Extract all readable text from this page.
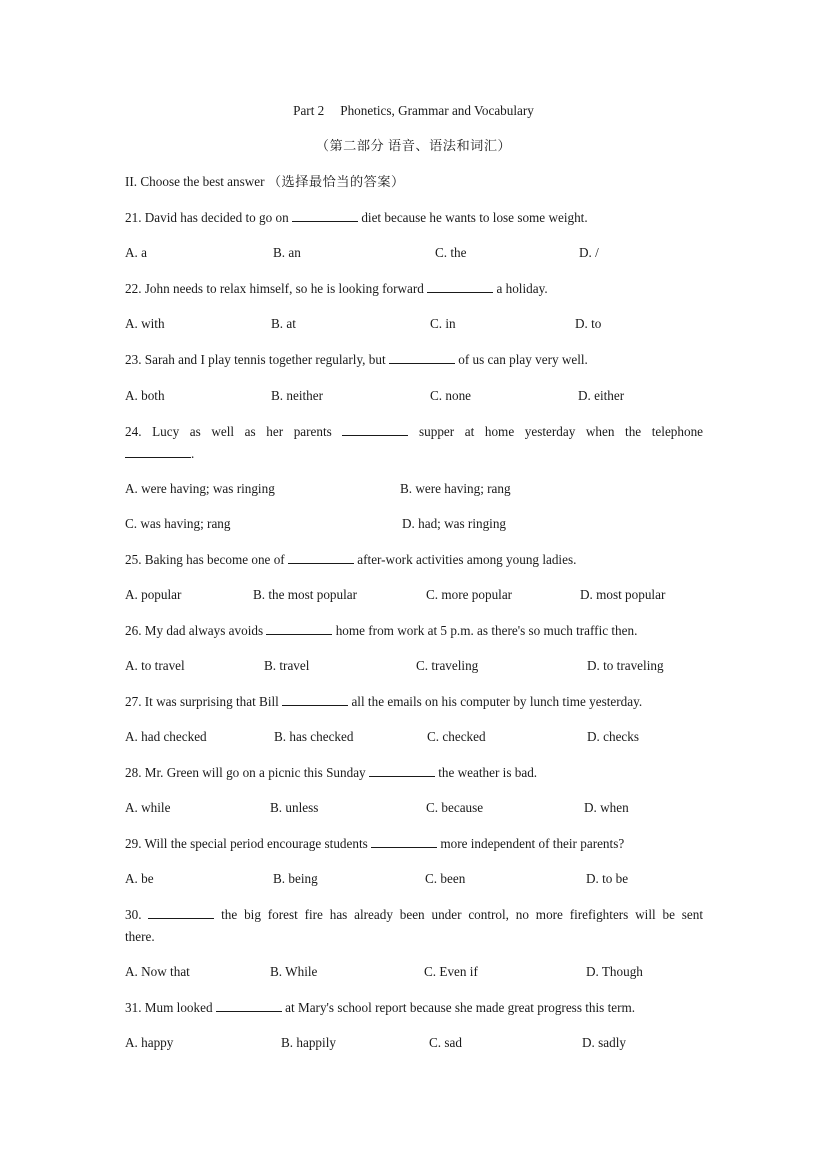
Part 2 Phonetics, Grammar and Vocabulary
（第二部分 语音、语法和词汇）
II. Choose the best answer （选择最恰当的答案）
21. David has decided to go on	diet because he wants to lose some weight.
A. a	B. an	C. the	D. /
22. John needs to relax himself, so he is looking forward	a holiday.
A. with	B. at	C. in	D. to
23. Sarah and I play tennis together regularly, but	of us can play very well.
A. both	B. neither	C. none	D. either
24. Lucy as well as her parents	supper at home yesterday when the telephone
.
A. were having; was ringing	B. were having; rang
C. was having; rang	D. had; was ringing
25. Baking has become one of	after-work activities among young ladies.
A. popular	B. the most popular	C. more popular	D. most popular
26. My dad always avoids	home from work at 5 p.m. as there's so much traffic then.
A. to travel	B. travel	C. traveling	D. to traveling
27. It was surprising that Bill	all the emails on his computer by lunch time yesterday.
A. had checked	B. has checked	C. checked	D. checks
28. Mr. Green will go on a picnic this Sunday	the weather is bad.
A. while	B. unless	C. because	D. when
29. Will the special period encourage students	more independent of their parents?
A. be	B. being	C. been	D. to be
30.	the big forest fire has already been under control, no more firefighters will be sent
there.
A. Now that	B. While	C. Even if	D. Though
31. Mum looked	at Mary's school report because she made great progress this term.
A. happy	B. happily	C. sad	D. sadly
